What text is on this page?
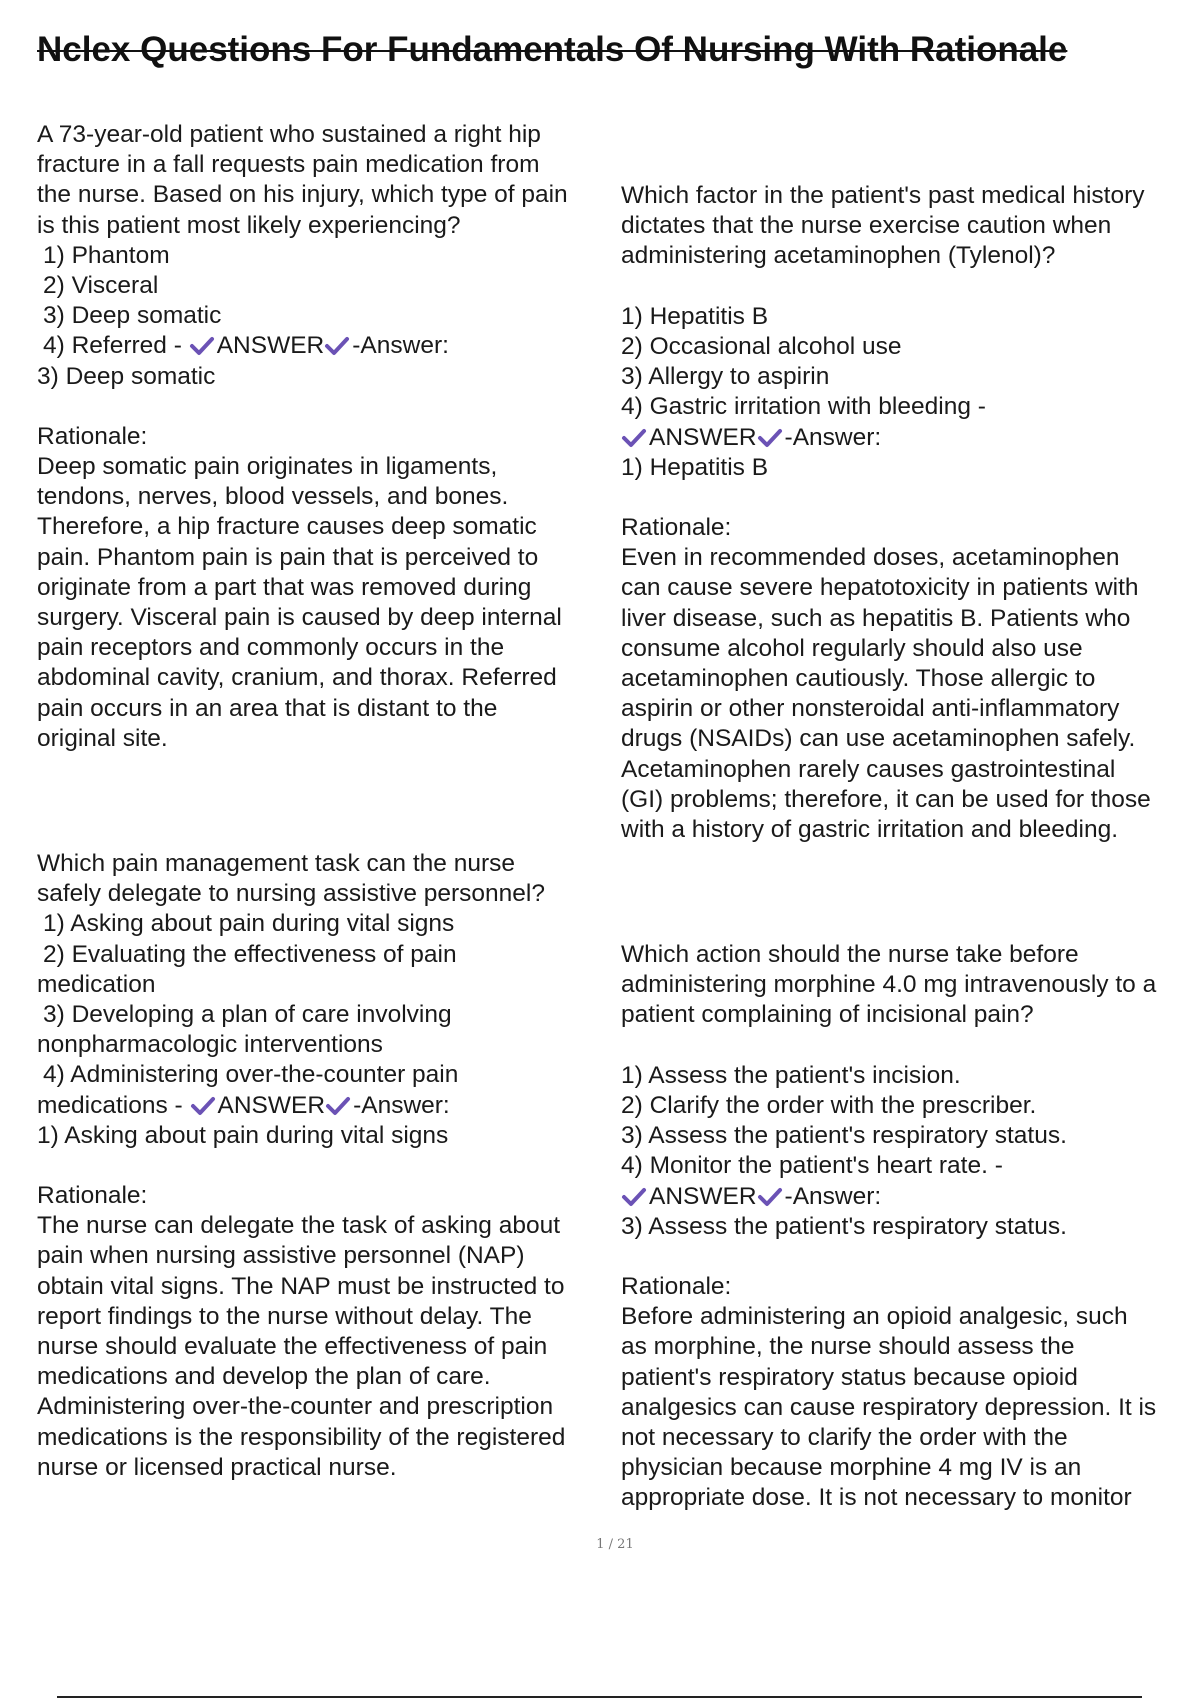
Nclex Questions For Fundamentals Of Nursing With Rationale
A 73-year-old patient who sustained a right hip
fracture in a fall requests pain medication from
the nurse. Based on his injury, which type of pain
is this patient most likely experiencing?
1) Phantom
2) Visceral
3) Deep somatic
4) Referred - ANSWER -Answer:
3) Deep somatic
Rationale:
Deep somatic pain originates in ligaments,
tendons, nerves, blood vessels, and bones.
Therefore, a hip fracture causes deep somatic
pain. Phantom pain is pain that is perceived to
originate from a part that was removed during
surgery. Visceral pain is caused by deep internal
pain receptors and commonly occurs in the
abdominal cavity, cranium, and thorax. Referred
pain occurs in an area that is distant to the
original site.
Which pain management task can the nurse
safely delegate to nursing assistive personnel?
1) Asking about pain during vital signs
2) Evaluating the effectiveness of pain
medication
3) Developing a plan of care involving
nonpharmacologic interventions
4) Administering over-the-counter pain
medications - ANSWER -Answer:
1) Asking about pain during vital signs
Rationale:
The nurse can delegate the task of asking about
pain when nursing assistive personnel (NAP)
obtain vital signs. The NAP must be instructed to
report findings to the nurse without delay. The
nurse should evaluate the effectiveness of pain
medications and develop the plan of care.
Administering over-the-counter and prescription
medications is the responsibility of the registered
nurse or licensed practical nurse.
Which factor in the patient's past medical history
dictates that the nurse exercise caution when
administering acetaminophen (Tylenol)?
1) Hepatitis B
2) Occasional alcohol use
3) Allergy to aspirin
4) Gastric irritation with bleeding -
ANSWER -Answer:
1) Hepatitis B
Rationale:
Even in recommended doses, acetaminophen
can cause severe hepatotoxicity in patients with
liver disease, such as hepatitis B. Patients who
consume alcohol regularly should also use
acetaminophen cautiously. Those allergic to
aspirin or other nonsteroidal anti-inflammatory
drugs (NSAIDs) can use acetaminophen safely.
Acetaminophen rarely causes gastrointestinal
(GI) problems; therefore, it can be used for those
with a history of gastric irritation and bleeding.
Which action should the nurse take before
administering morphine 4.0 mg intravenously to a
patient complaining of incisional pain?
1) Assess the patient's incision.
2) Clarify the order with the prescriber.
3) Assess the patient's respiratory status.
4) Monitor the patient's heart rate. -
ANSWER -Answer:
3) Assess the patient's respiratory status.
Rationale:
Before administering an opioid analgesic, such
as morphine, the nurse should assess the
patient's respiratory status because opioid
analgesics can cause respiratory depression. It is
not necessary to clarify the order with the
physician because morphine 4 mg IV is an
appropriate dose. It is not necessary to monitor
1 / 21
